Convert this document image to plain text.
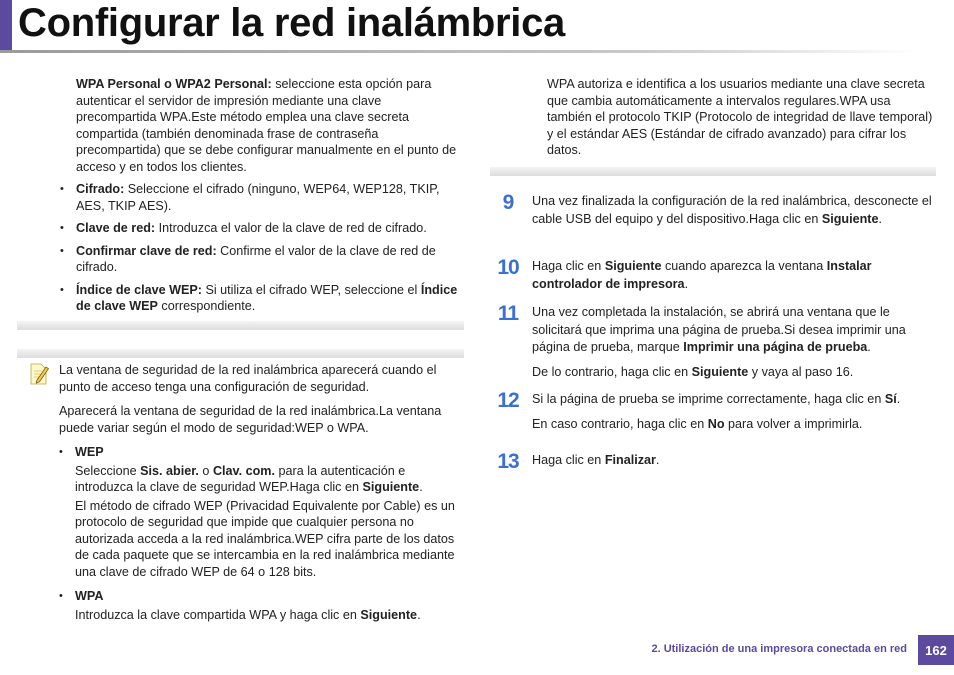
Configurar la red inalámbrica

WPA Personal o WPA2 Personal: seleccione esta opción para autenticar el servidor de impresión mediante una clave precompartida WPA.Este método emplea una clave secreta compartida (también denominada frase de contraseña precompartida) que se debe configurar manualmente en el punto de acceso y en todos los clientes.

• Cifrado: Seleccione el cifrado (ninguno, WEP64, WEP128, TKIP, AES, TKIP AES).
• Clave de red: Introduzca el valor de la clave de red de cifrado.
• Confirmar clave de red: Confirme el valor de la clave de red de cifrado.
• Índice de clave WEP: Si utiliza el cifrado WEP, seleccione el Índice de clave WEP correspondiente.

La ventana de seguridad de la red inalámbrica aparecerá cuando el punto de acceso tenga una configuración de seguridad.

Aparecerá la ventana de seguridad de la red inalámbrica.La ventana puede variar según el modo de seguridad:WEP o WPA.

• WEP

Seleccione Sis. abier. o Clav. com. para la autenticación e introduzca la clave de seguridad WEP.Haga clic en Siguiente.

El método de cifrado WEP (Privacidad Equivalente por Cable) es un protocolo de seguridad que impide que cualquier persona no autorizada acceda a la red inalámbrica.WEP cifra parte de los datos de cada paquete que se intercambia en la red inalámbrica mediante una clave de cifrado WEP de 64 o 128 bits.

• WPA

Introduzca la clave compartida WPA y haga clic en Siguiente.

WPA autoriza e identifica a los usuarios mediante una clave secreta que cambia automáticamente a intervalos regulares.WPA usa también el protocolo TKIP (Protocolo de integridad de llave temporal) y el estándar AES (Estándar de cifrado avanzado) para cifrar los datos.
9	Una vez finalizada la configuración de la red inalámbrica, desconecte el cable USB del equipo y del dispositivo.Haga clic en Siguiente.
10	Haga clic en Siguiente cuando aparezca la ventana Instalar controlador de impresora.
11	Una vez completada la instalación, se abrirá una ventana que le solicitará que imprima una página de prueba.Si desea imprimir una página de prueba, marque Imprimir una página de prueba.

De lo contrario, haga clic en Siguiente y vaya al paso 16.

12	Si la página de prueba se imprime correctamente, haga clic en Sí.

En caso contrario, haga clic en No para volver a imprimirla.

13	Haga clic en Finalizar.
2. Utilización de una impresora conectada en red	162
